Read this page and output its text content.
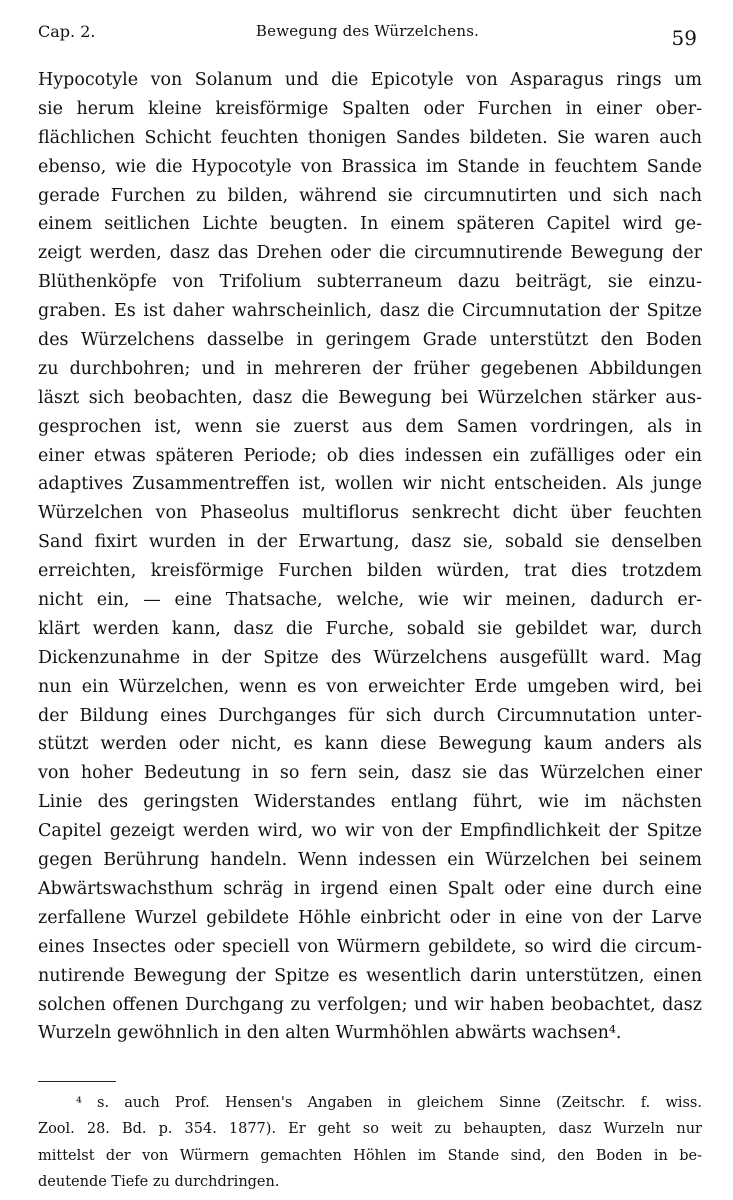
Cap. 2.	Bewegung des Würzelchens.	59
Hypocotyle von Solanum und die Epicotyle von Asparagus rings um
sie herum kleine kreisförmige Spalten oder Furchen in einer ober-
flächlichen Schicht feuchten thonigen Sandes bildeten. Sie waren auch
ebenso, wie die Hypocotyle von Brassica im Stande in feuchtem Sande
gerade Furchen zu bilden, während sie circumnutirten und sich nach
einem seitlichen Lichte beugten. In einem späteren Capitel wird ge-
zeigt werden, dasz das Drehen oder die circumnutirende Bewegung der
Blüthenköpfe von Trifolium subterraneum dazu beiträgt, sie einzu-
graben. Es ist daher wahrscheinlich, dasz die Circumnutation der Spitze
des Würzelchens dasselbe in geringem Grade unterstützt den Boden
zu durchbohren; und in mehreren der früher gegebenen Abbildungen
läszt sich beobachten, dasz die Bewegung bei Würzelchen stärker aus-
gesprochen ist, wenn sie zuerst aus dem Samen vordringen, als in
einer etwas späteren Periode; ob dies indessen ein zufälliges oder ein
adaptives Zusammentreffen ist, wollen wir nicht entscheiden. Als junge
Würzelchen von Phaseolus multiflorus senkrecht dicht über feuchten
Sand fixirt wurden in der Erwartung, dasz sie, sobald sie denselben
erreichten, kreisförmige Furchen bilden würden, trat dies trotzdem
nicht ein, — eine Thatsache, welche, wie wir meinen, dadurch er-
klärt werden kann, dasz die Furche, sobald sie gebildet war, durch
Dickenzunahme in der Spitze des Würzelchens ausgefüllt ward. Mag
nun ein Würzelchen, wenn es von erweichter Erde umgeben wird, bei
der Bildung eines Durchganges für sich durch Circumnutation unter-
stützt werden oder nicht, es kann diese Bewegung kaum anders als
von hoher Bedeutung in so fern sein, dasz sie das Würzelchen einer
Linie des geringsten Widerstandes entlang führt, wie im nächsten
Capitel gezeigt werden wird, wo wir von der Empfindlichkeit der Spitze
gegen Berührung handeln. Wenn indessen ein Würzelchen bei seinem
Abwärtswachsthum schräg in irgend einen Spalt oder eine durch eine
zerfallene Wurzel gebildete Höhle einbricht oder in eine von der Larve
eines Insectes oder speciell von Würmern gebildete, so wird die circum-
nutirende Bewegung der Spitze es wesentlich darin unterstützen, einen
solchen offenen Durchgang zu verfolgen; und wir haben beobachtet, dasz
Wurzeln gewöhnlich in den alten Wurmhöhlen abwärts wachsen⁴.
⁴ s. auch Prof. Hensen's Angaben in gleichem Sinne (Zeitschr. f. wiss.
Zool. 28. Bd. p. 354. 1877). Er geht so weit zu behaupten, dasz Wurzeln nur
mittelst der von Würmern gemachten Höhlen im Stande sind, den Boden in be-
deutende Tiefe zu durchdringen.
